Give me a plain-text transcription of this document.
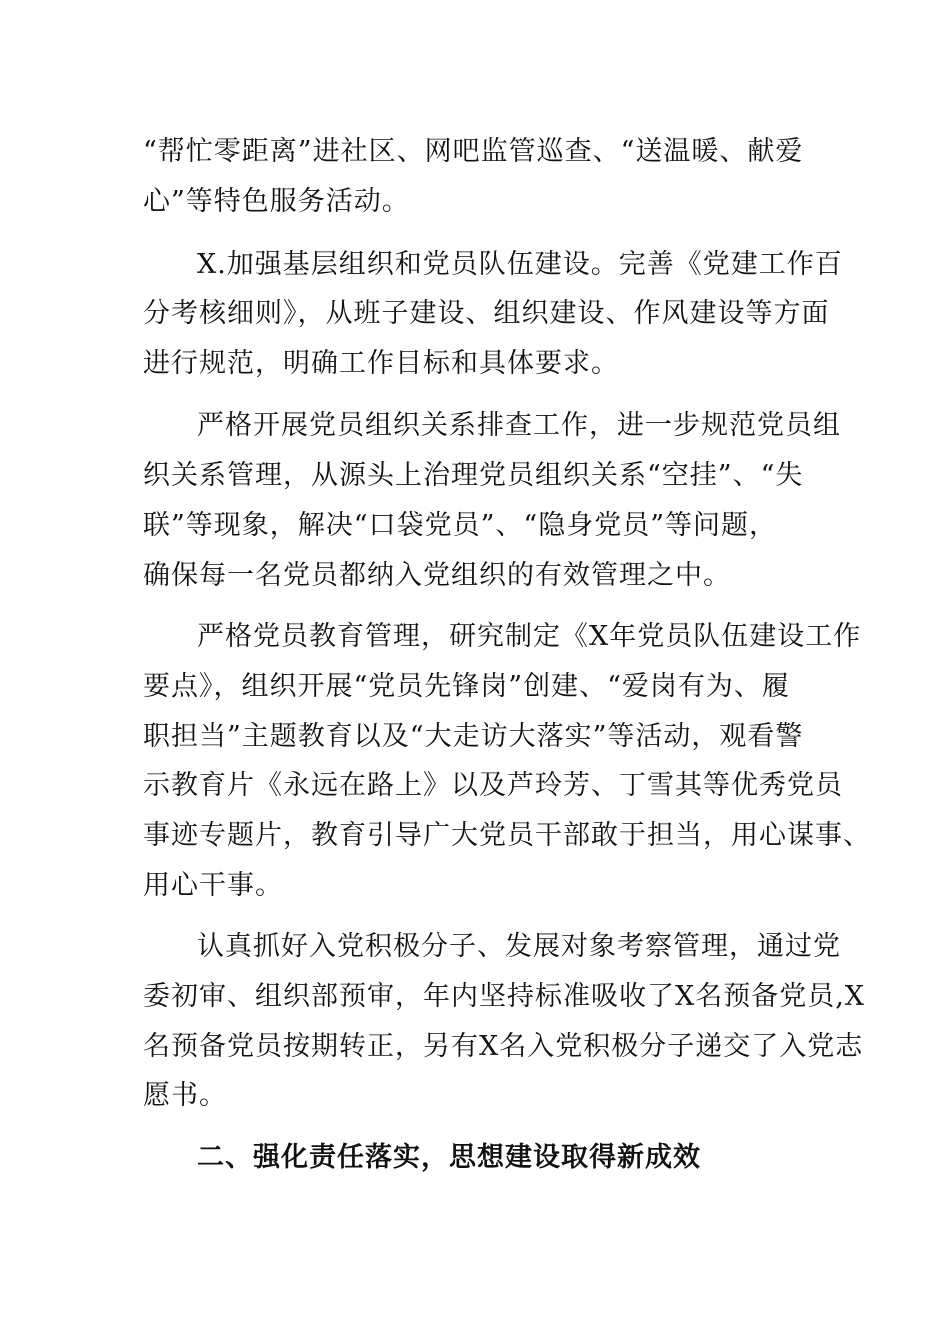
“帮忙零距离”进社区、网吧监管巡查、“送温暖、献爱
心”等特色服务活动。
X.加强基层组织和党员队伍建设。完善《党建工作百
分考核细则》，从班子建设、组织建设、作风建设等方面
进行规范，明确工作目标和具体要求。
严格开展党员组织关系排查工作，进一步规范党员组
织关系管理，从源头上治理党员组织关系“空挂”、“失
联”等现象，解决“口袋党员”、“隐身党员”等问题，
确保每一名党员都纳入党组织的有效管理之中。
严格党员教育管理，研究制定《X年党员队伍建设工作
要点》，组织开展“党员先锋岗”创建、“爱岗有为、履
职担当”主题教育以及“大走访大落实”等活动，观看警
示教育片《永远在路上》以及芦玲芳、丁雪其等优秀党员
事迹专题片，教育引导广大党员干部敢于担当，用心谋事、
用心干事。
认真抓好入党积极分子、发展对象考察管理，通过党
委初审、组织部预审，年内坚持标准吸收了X名预备党员,X
名预备党员按期转正，另有X名入党积极分子递交了入党志
愿书。
二、强化责任落实，思想建设取得新成效
